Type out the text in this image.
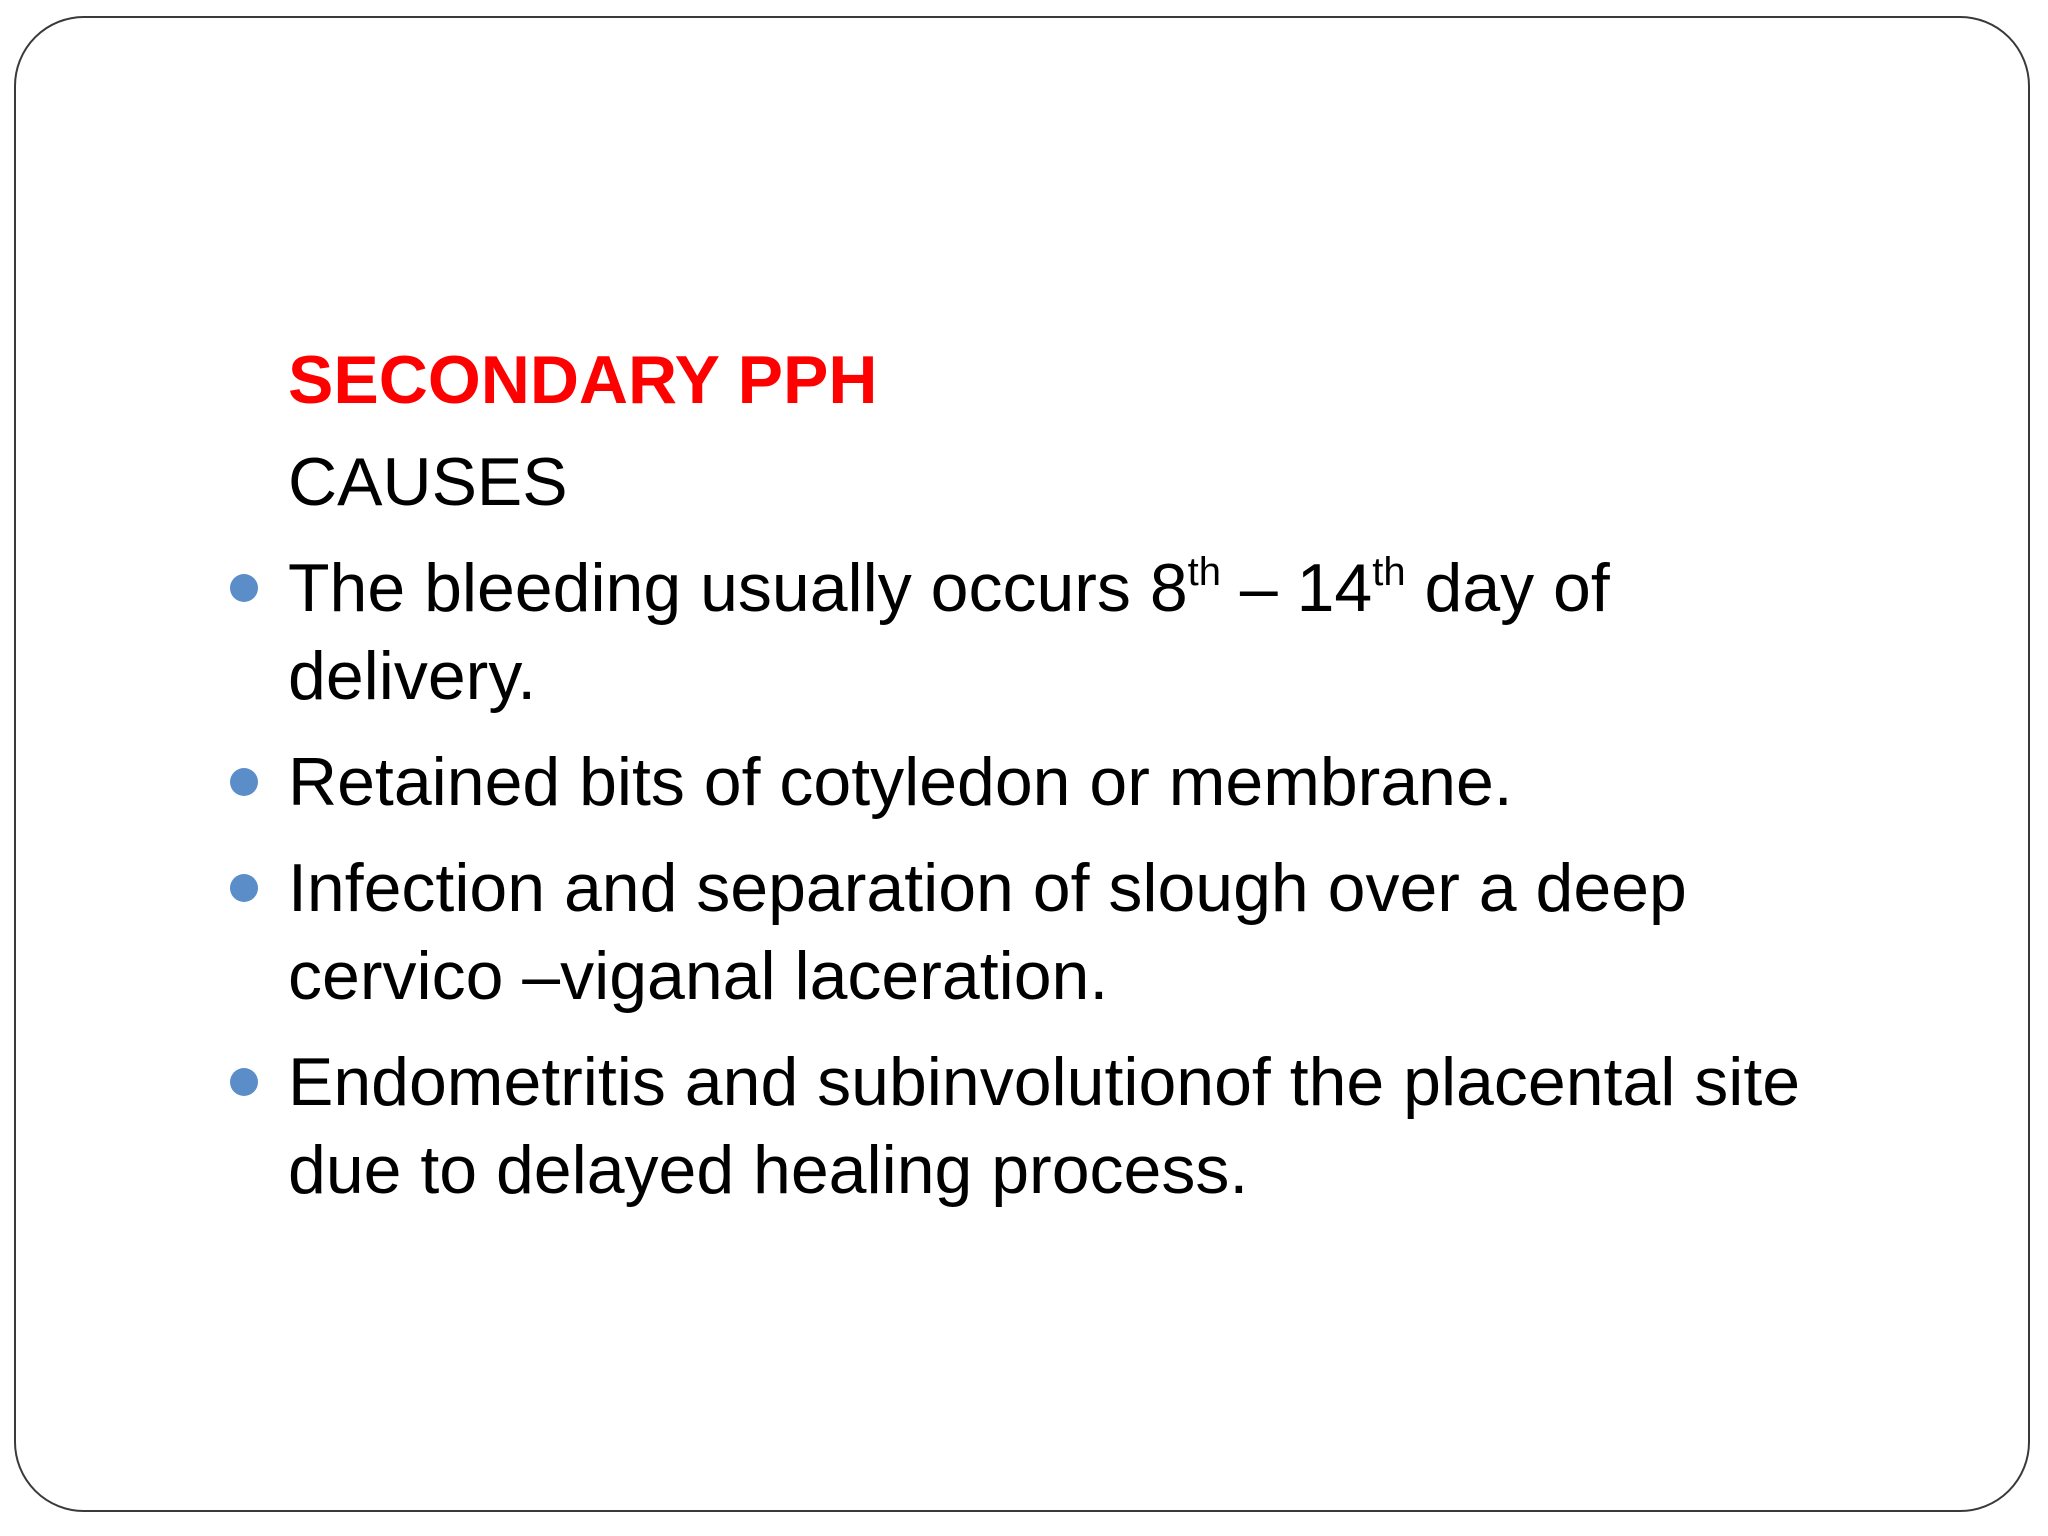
SECONDARY PPH
CAUSES
The bleeding usually occurs 8th – 14th day of delivery.
Retained bits of cotyledon or membrane.
Infection and separation of slough over a deep cervico –viganal laceration.
Endometritis and subinvolutionof the placental site due to delayed healing process.
